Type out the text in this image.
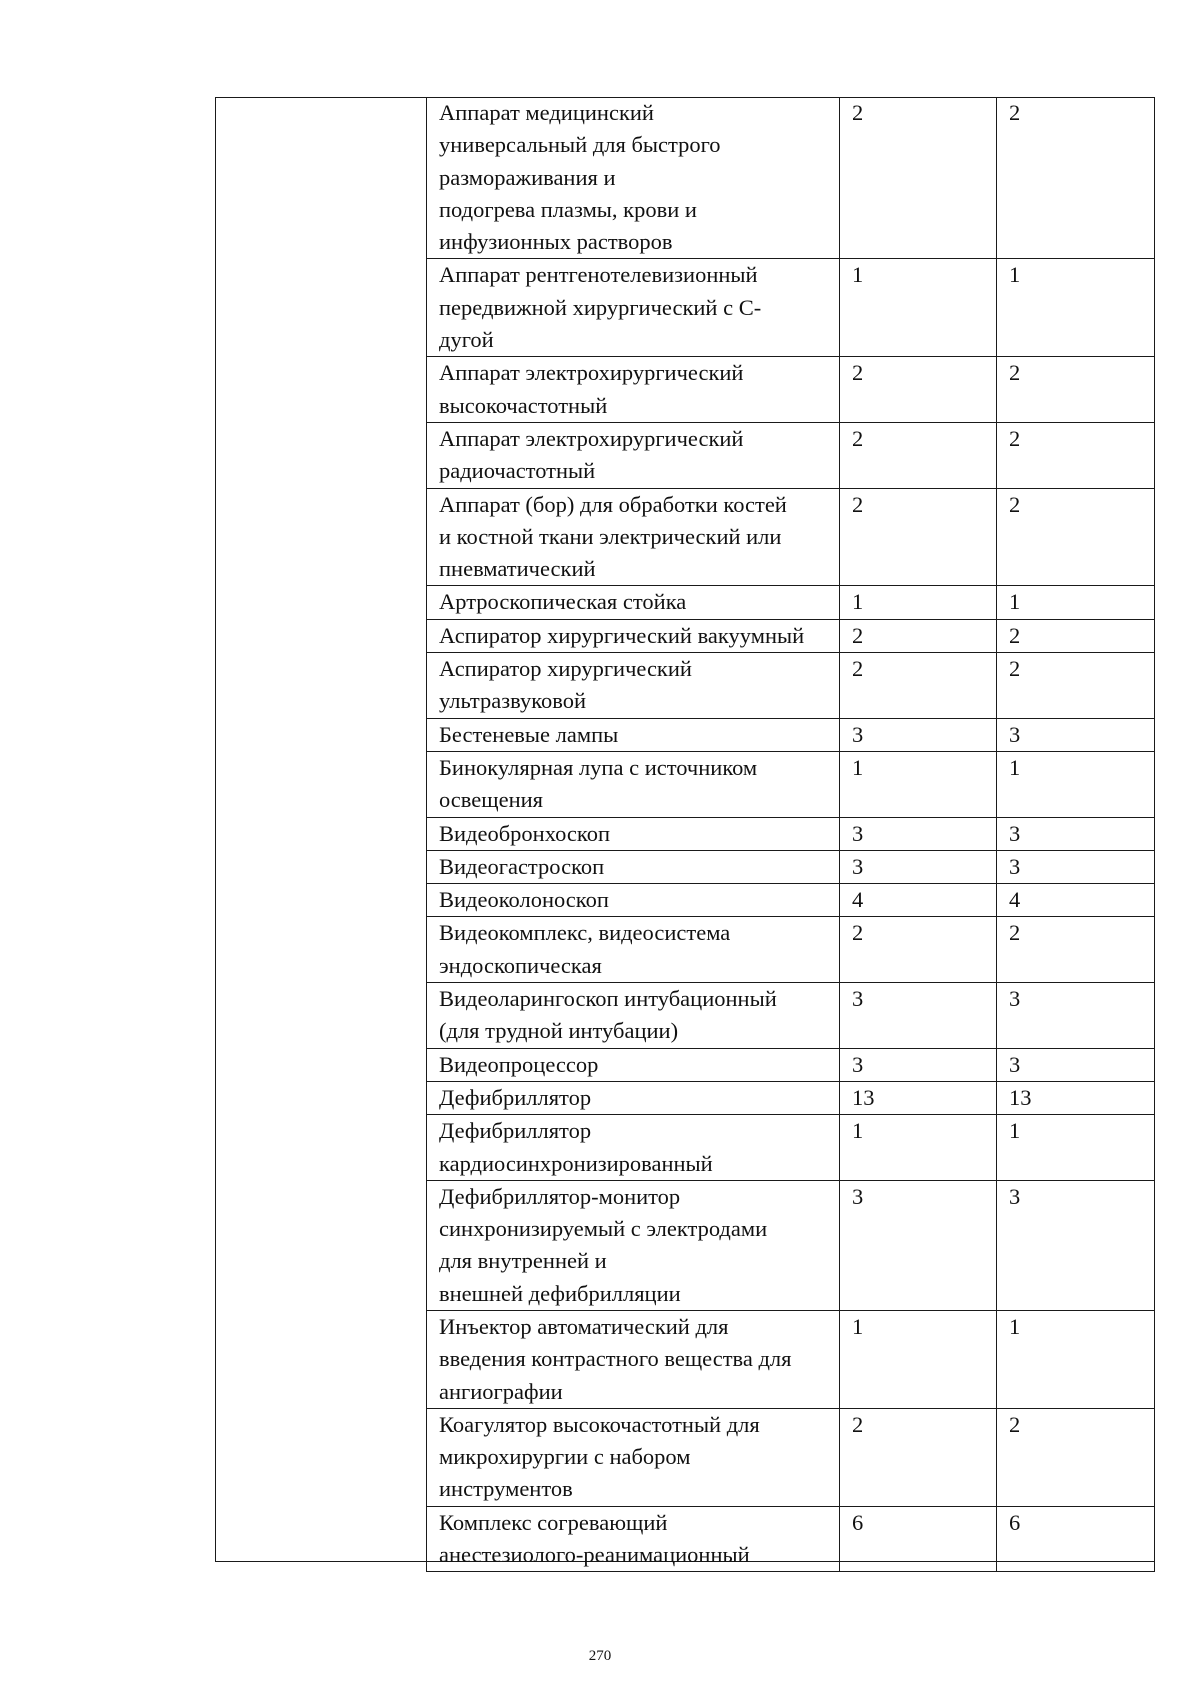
Аппарат медицинский
универсальный для быстрого
размораживания и
подогрева плазмы, крови и
инфузионных растворов	2	2
Аппарат рентгенотелевизионный
передвижной хирургический с С-
дугой	1	1
Аппарат электрохирургический
высокочастотный	2	2
Аппарат электрохирургический
радиочастотный	2	2
Аппарат (бор) для обработки костей
и костной ткани электрический или
пневматический	2	2
Артроскопическая стойка	1	1
Аспиратор хирургический вакуумный	2	2
Аспиратор хирургический
ультразвуковой	2	2
Бестеневые лампы	3	3
Бинокулярная лупа с источником
освещения	1	1
Видеобронхоскоп	3	3
Видеогастроскоп	3	3
Видеоколоноскоп	4	4
Видеокомплекс, видеосистема
эндоскопическая	2	2
Видеоларингоскоп интубационный
(для трудной интубации)	3	3
Видеопроцессор	3	3
Дефибриллятор	13	13
Дефибриллятор
кардиосинхронизированный	1	1
Дефибриллятор-монитор
синхронизируемый с электродами
для внутренней и
внешней дефибрилляции	3	3
Инъектор автоматический для
введения контрастного вещества для
ангиографии	1	1
Коагулятор высокочастотный для
микрохирургии с набором
инструментов	2	2
Комплекс согревающий
анестезиолого-реанимационный	6	6
270
